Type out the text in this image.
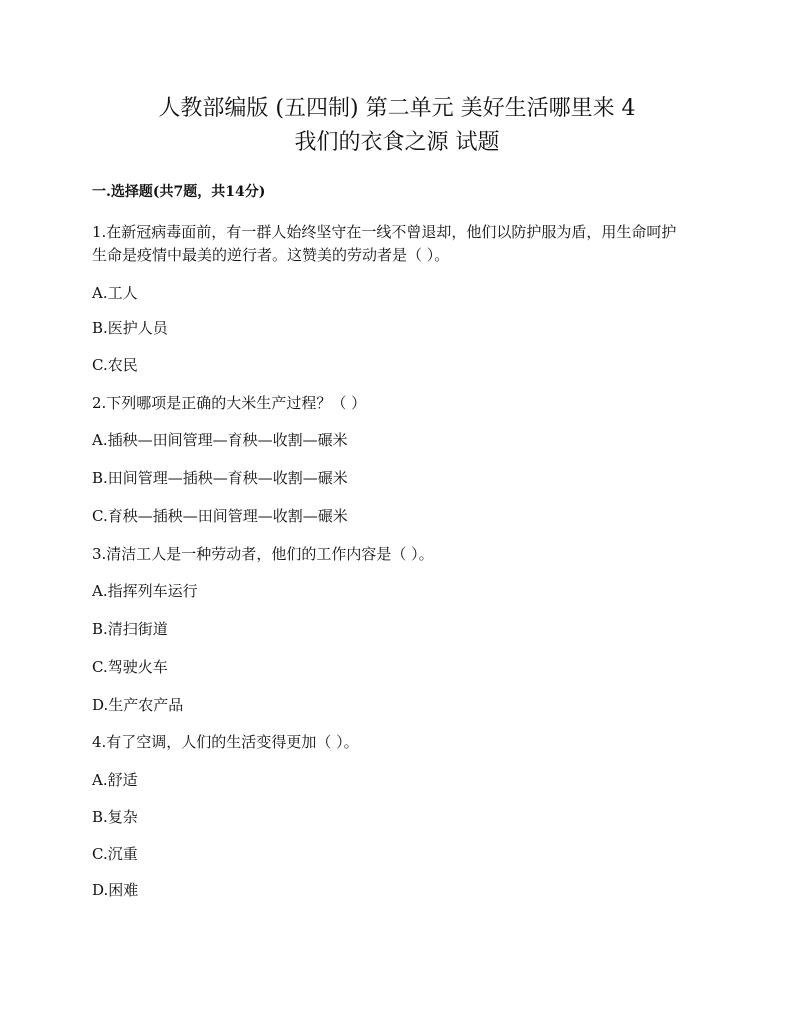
人教部编版 (五四制) 第二单元 美好生活哪里来 4
我们的衣食之源 试题
一.选择题(共7题，共14分)
1.在新冠病毒面前，有一群人始终坚守在一线不曾退却，他们以防护服为盾，用生命呵护
生命是疫情中最美的逆行者。这赞美的劳动者是（ ）。
A.工人
B.医护人员
C.农民
2.下列哪项是正确的大米生产过程？（ ）
A.插秧—田间管理—育秧—收割—碾米
B.田间管理—插秧—育秧—收割—碾米
C.育秧—插秧—田间管理—收割—碾米
3.清洁工人是一种劳动者，他们的工作内容是（ ）。
A.指挥列车运行
B.清扫街道
C.驾驶火车
D.生产农产品
4.有了空调，人们的生活变得更加（ ）。
A.舒适
B.复杂
C.沉重
D.困难
